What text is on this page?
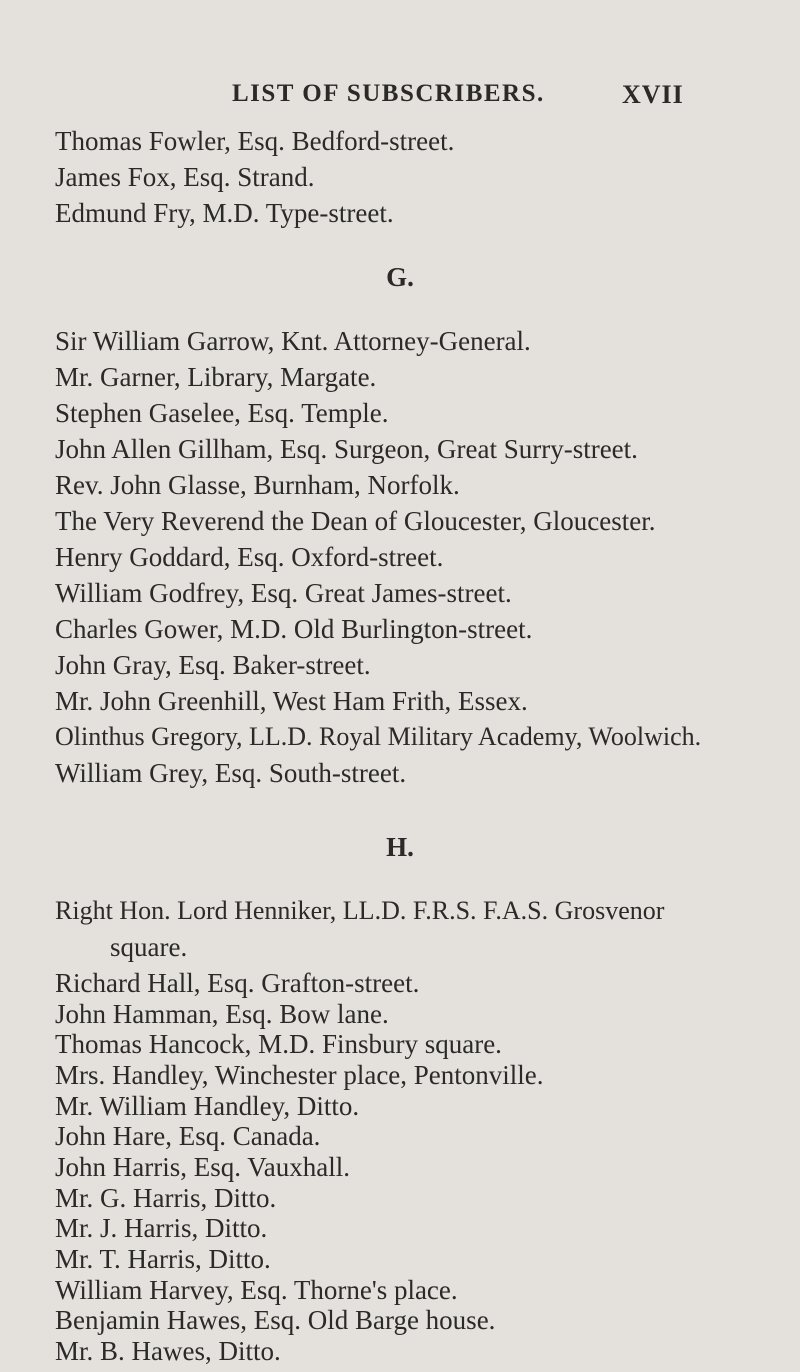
LIST OF SUBSCRIBERS.	XVII
Thomas Fowler, Esq. Bedford-street.
James Fox, Esq. Strand.
Edmund Fry, M.D. Type-street.
G.
Sir William Garrow, Knt. Attorney-General.
Mr. Garner, Library, Margate.
Stephen Gaselee, Esq. Temple.
John Allen Gillham, Esq. Surgeon, Great Surry-street.
Rev. John Glasse, Burnham, Norfolk.
The Very Reverend the Dean of Gloucester, Gloucester.
Henry Goddard, Esq. Oxford-street.
William Godfrey, Esq. Great James-street.
Charles Gower, M.D. Old Burlington-street.
John Gray, Esq. Baker-street.
Mr. John Greenhill, West Ham Frith, Essex.
Olinthus Gregory, LL.D. Royal Military Academy, Woolwich.
William Grey, Esq. South-street.
H.
Right Hon. Lord Henniker, LL.D. F.R.S. F.A.S. Grosvenor
square.
Richard Hall, Esq. Grafton-street.
John Hamman, Esq. Bow lane.
Thomas Hancock, M.D. Finsbury square.
Mrs. Handley, Winchester place, Pentonville.
Mr. William Handley, Ditto.
John Hare, Esq. Canada.
John Harris, Esq. Vauxhall.
Mr. G. Harris, Ditto.
Mr. J. Harris, Ditto.
Mr. T. Harris, Ditto.
William Harvey, Esq. Thorne's place.
Benjamin Hawes, Esq. Old Barge house.
Mr. B. Hawes, Ditto.
